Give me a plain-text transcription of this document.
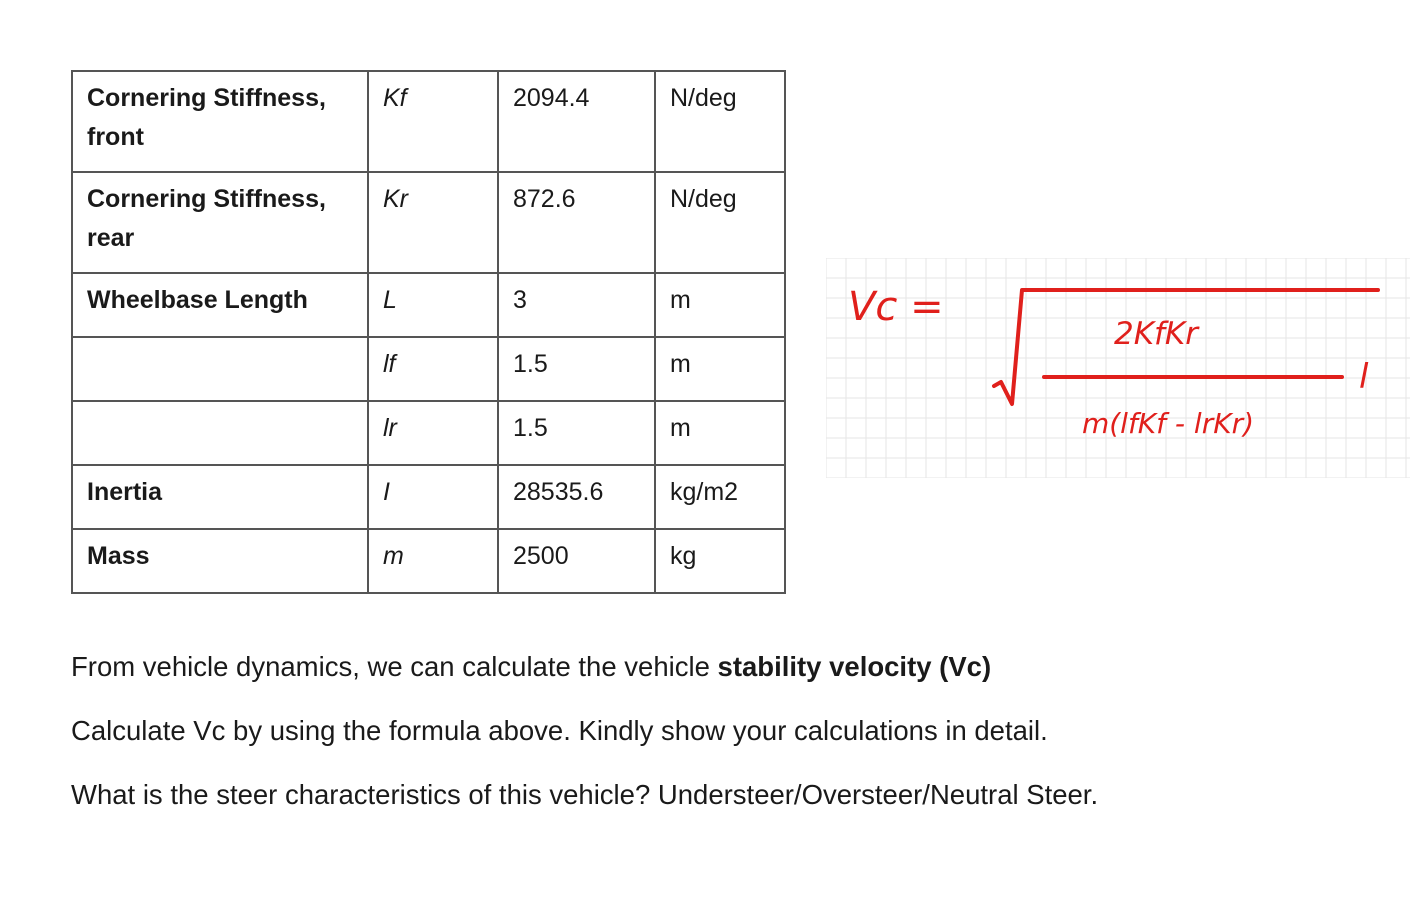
Cornering Stiffness, front	Kf	2094.4	N/deg
Cornering Stiffness, rear	Kr	872.6	N/deg
Wheelbase Length	L	3	m
	lf	1.5	m
	lr	1.5	m
Inertia	I	28535.6	kg/m2
Mass	m	2500	kg
Vc =
2KfKr
m(lfKf - lrKr)
l

From vehicle dynamics, we can calculate the vehicle stability velocity (Vc)

Calculate Vc by using the formula above. Kindly show your calculations in detail.

What is the steer characteristics of this vehicle? Understeer/Oversteer/Neutral Steer.
